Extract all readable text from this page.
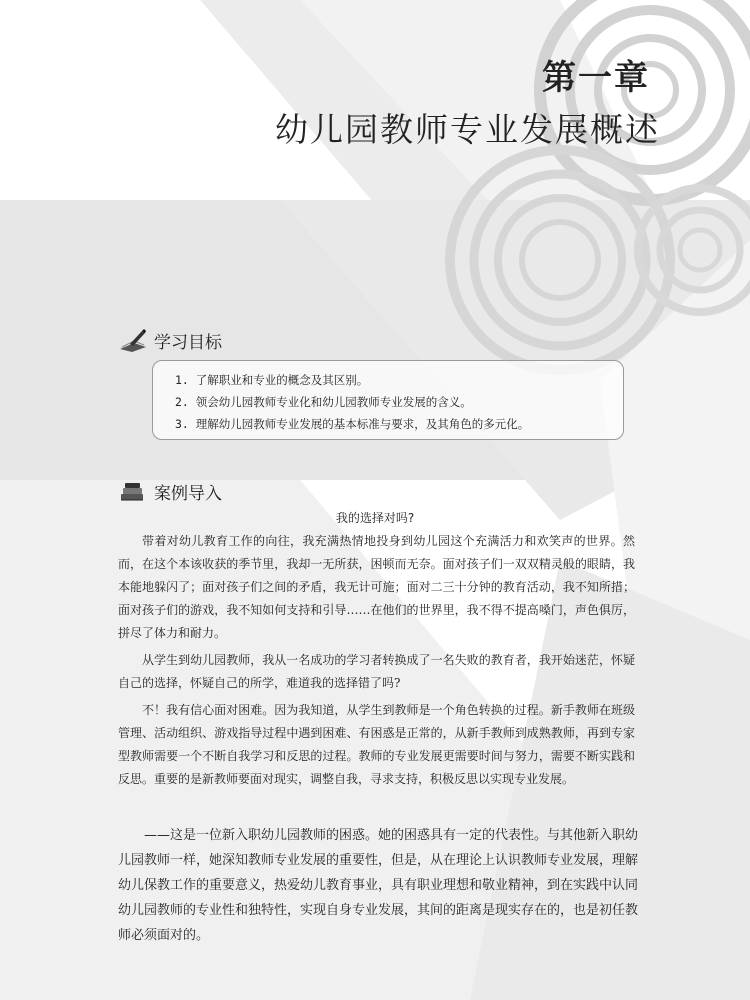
第一章
幼儿园教师专业发展概述
学习目标
1. 了解职业和专业的概念及其区别。
2. 领会幼儿园教师专业化和幼儿园教师专业发展的含义。
3. 理解幼儿园教师专业发展的基本标准与要求，及其角色的多元化。
案例导入
我的选择对吗?

带着对幼儿教育工作的向往，我充满热情地投身到幼儿园这个充满活力和欢笑声的世界。然而，在这个本该收获的季节里，我却一无所获，困顿而无奈。面对孩子们一双双精灵般的眼睛，我本能地躲闪了；面对孩子们之间的矛盾，我无计可施；面对二三十分钟的教育活动，我不知所措；面对孩子们的游戏，我不知如何支持和引导……在他们的世界里，我不得不提高嗓门，声色俱厉，拼尽了体力和耐力。

从学生到幼儿园教师，我从一名成功的学习者转换成了一名失败的教育者，我开始迷茫，怀疑自己的选择，怀疑自己的所学，难道我的选择错了吗?

不！我有信心面对困难。因为我知道，从学生到教师是一个角色转换的过程。新手教师在班级管理、活动组织、游戏指导过程中遇到困难、有困惑是正常的，从新手教师到成熟教师，再到专家型教师需要一个不断自我学习和反思的过程。教师的专业发展更需要时间与努力，需要不断实践和反思。重要的是新教师要面对现实，调整自我，寻求支持，积极反思以实现专业发展。

——这是一位新入职幼儿园教师的困惑。她的困惑具有一定的代表性。与其他新入职幼儿园教师一样，她深知教师专业发展的重要性，但是，从在理论上认识教师专业发展，理解幼儿保教工作的重要意义，热爱幼儿教育事业，具有职业理想和敬业精神，到在实践中认同幼儿园教师的专业性和独特性，实现自身专业发展，其间的距离是现实存在的，也是初任教师必须面对的。
